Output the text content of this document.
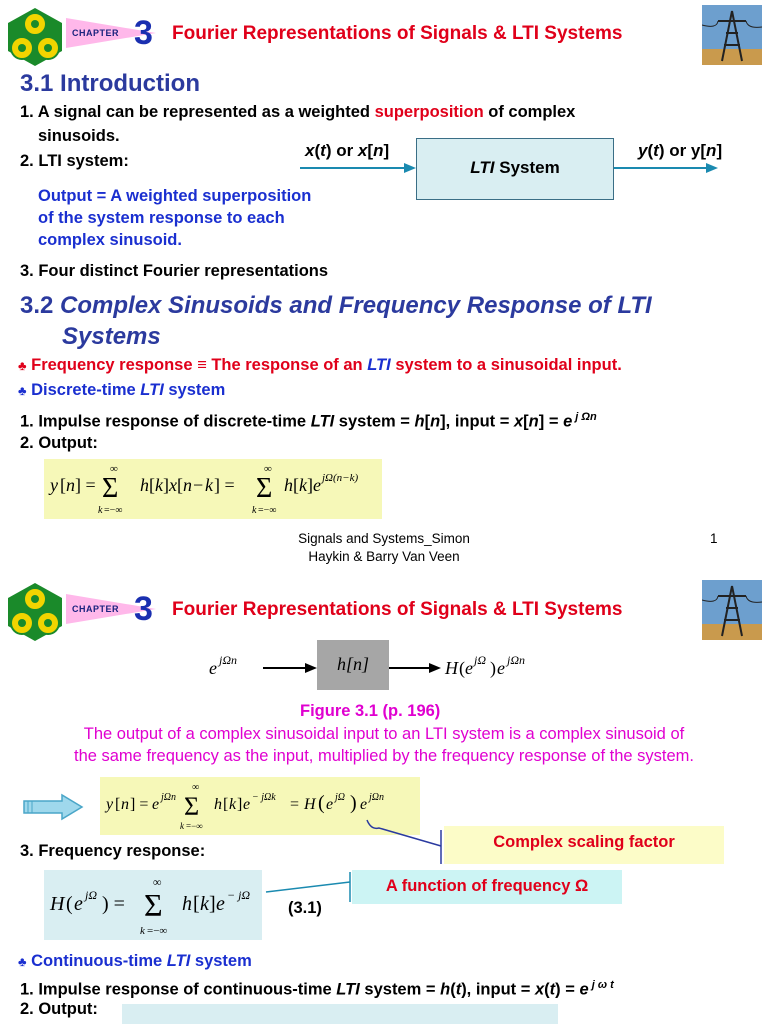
CHAPTER 3 Fourier Representations of Signals & LTI Systems
3.1 Introduction
1. A signal can be represented as a weighted superposition of complex
sinusoids.
2. LTI system:
Output = A weighted superposition
of the system response to each
complex sinusoid.
x(t) or x[n]
LTI System
y(t) or y[n]
3. Four distinct Fourier representations
3.2 Complex Sinusoids and Frequency Response of LTI
Systems
♣ Frequency response ≡ The response of an LTI system to a sinusoidal input.
♣ Discrete-time LTI system
1. Impulse response of discrete-time LTI system = h[n], input = x[n] = e $^{j \Omega n}$
2. Output:
y [ n ] = Σ
∞
k =−∞
h [ k ] x [ n − k ] = Σ
∞
k =−∞
h [ k ] e jΩ(n−k)
Signals and Systems_Simon
Haykin & Barry Van Veen
1
CHAPTER 3 Fourier Representations of Signals & LTI Systems
e jΩn	H ( e jΩ ) e jΩn
h[n]
Figure 3.1 (p. 196)
The output of a complex sinusoidal input to an LTI system is a complex sinusoid of
the same frequency as the input, multiplied by the frequency response of the system.
y [ n ] = e jΩn Σ
∞
k =−∞
h [ k ] e − jΩk = H ( e jΩ ) e jΩn
Complex scaling factor
3. Frequency response:
H ( e jΩ ) = Σ
∞
k =−∞
h [ k ] e − jΩ
(3.1)
A function of frequency Ω
♣ Continuous-time LTI system
1. Impulse response of continuous-time LTI system = h(t), input = x(t) = e $^{j \omega t}$
2. Output:
